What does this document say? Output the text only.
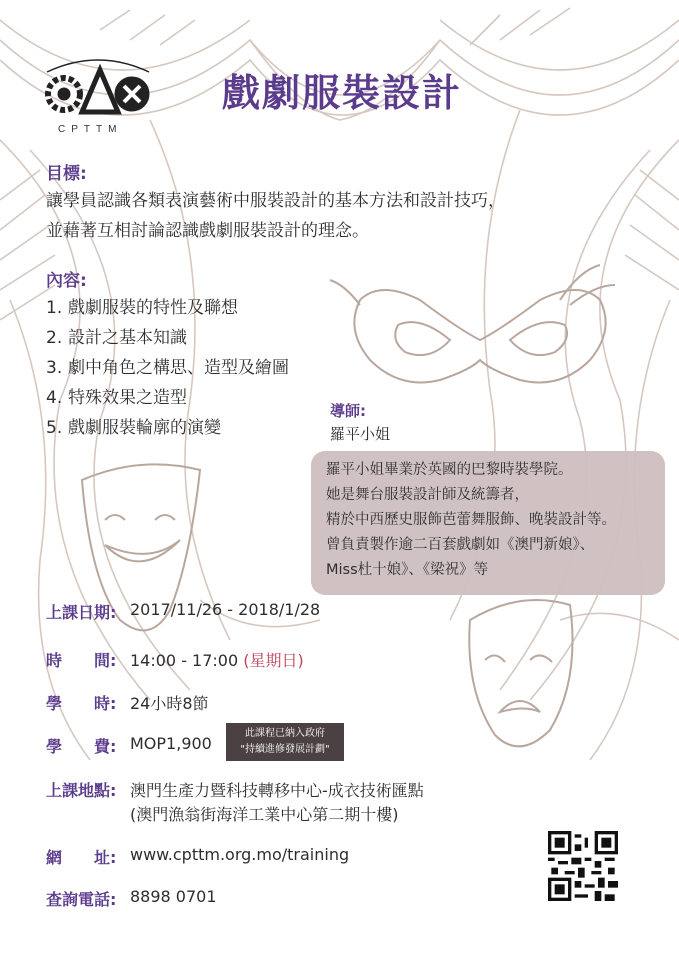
CPTTM
戲劇服裝設計
目標:
讓學員認識各類表演藝術中服裝設計的基本方法和設計技巧，
並藉著互相討論認識戲劇服裝設計的理念。
內容:
1. 戲劇服裝的特性及聯想
2. 設計之基本知識
3. 劇中角色之構思、造型及繪圖
4. 特殊效果之造型
5. 戲劇服裝輪廓的演變
導師:
羅平小姐
羅平小姐畢業於英國的巴黎時裝學院。
她是舞台服裝設計師及統籌者，
精於中西歷史服飾芭蕾舞服飾、晚裝設計等。
曾負責製作逾二百套戲劇如《澳門新娘》、
Miss杜十娘》、《梁祝》等
上課日期: 2017/11/26 - 2018/1/28
時　　間: 14:00 - 17:00 (星期日)
學　　時: 24小時8節
學　　費: MOP1,900
此課程已納入政府
"持續進修發展計劃"
上課地點: 澳門生產力暨科技轉移中心-成衣技術匯點
(澳門漁翁街海洋工業中心第二期十樓)
網　　址: www.cpttm.org.mo/training
查詢電話: 8898 0701
